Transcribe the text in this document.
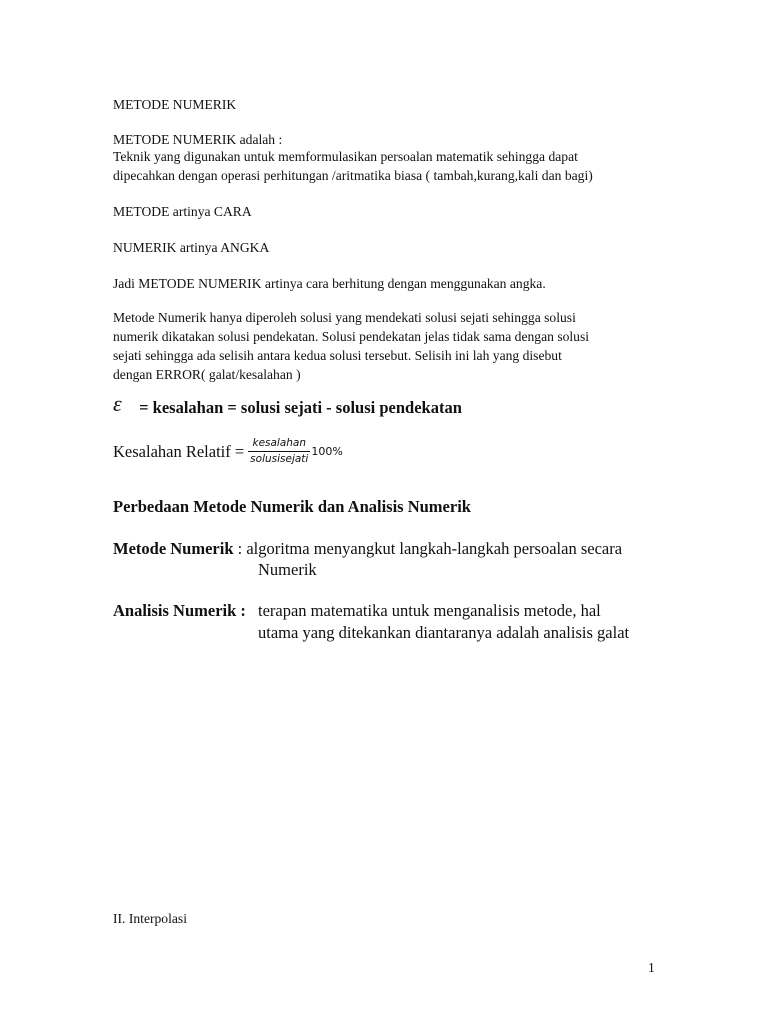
METODE NUMERIK
METODE NUMERIK adalah :
Teknik yang digunakan untuk memformulasikan persoalan matematik sehingga dapat
dipecahkan dengan operasi perhitungan /aritmatika biasa ( tambah,kurang,kali dan bagi)
METODE artinya CARA
NUMERIK artinya ANGKA
Jadi METODE NUMERIK artinya cara berhitung dengan menggunakan angka.
Metode Numerik hanya diperoleh solusi yang mendekati solusi sejati sehingga solusi
numerik dikatakan solusi pendekatan. Solusi pendekatan jelas tidak sama dengan solusi
sejati sehingga ada selisih antara kedua solusi tersebut. Selisih ini lah yang disebut
dengan ERROR( galat/kesalahan )
ε = kesalahan = solusi sejati - solusi pendekatan
Kesalahan Relatif = $\frac{\text{kesalahan}}{\text{solusisejati}} 100\%$
Perbedaan Metode Numerik dan Analisis Numerik
Metode Numerik : algoritma menyangkut langkah-langkah persoalan secara
Numerik
Analisis Numerik : terapan matematika untuk menganalisis metode, hal
utama yang ditekankan diantaranya adalah analisis galat
II. Interpolasi
1
